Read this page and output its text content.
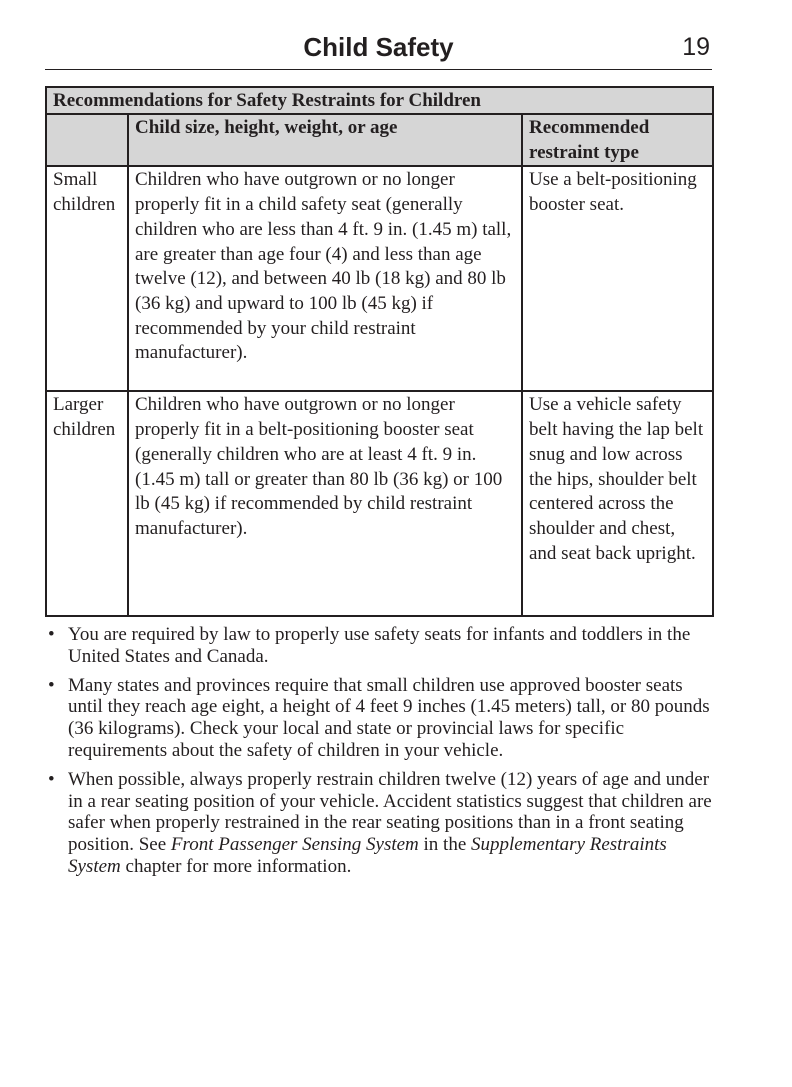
Child Safety	19
Recommendations for Safety Restraints for Children		
	Child size, height, weight, or age	Recommended restraint type

Small children	Children who have outgrown or no longer properly fit in a child safety seat (generally children who are less than 4 ft. 9 in. (1.45 m) tall, are greater than age four (4) and less than age twelve (12), and between 40 lb (18 kg) and 80 lb (36 kg) and upward to 100 lb (45 kg) if recommended by your child restraint manufacturer).	Use a belt-positioning booster seat.

Larger children	Children who have outgrown or no longer properly fit in a belt-positioning booster seat (generally children who are at least 4 ft. 9 in. (1.45 m) tall or greater than 80 lb (36 kg) or 100 lb (45 kg) if recommended by child restraint manufacturer).	Use a vehicle safety belt having the lap belt snug and low across the hips, shoulder belt centered across the shoulder and chest, and seat back upright.
• You are required by law to properly use safety seats for infants and toddlers in the United States and Canada.
• Many states and provinces require that small children use approved booster seats until they reach age eight, a height of 4 feet 9 inches (1.45 meters) tall, or 80 pounds (36 kilograms). Check your local and state or provincial laws for specific requirements about the safety of children in your vehicle.
• When possible, always properly restrain children twelve (12) years of age and under in a rear seating position of your vehicle. Accident statistics suggest that children are safer when properly restrained in the rear seating positions than in a front seating position. See Front Passenger Sensing System in the Supplementary Restraints System chapter for more information.
